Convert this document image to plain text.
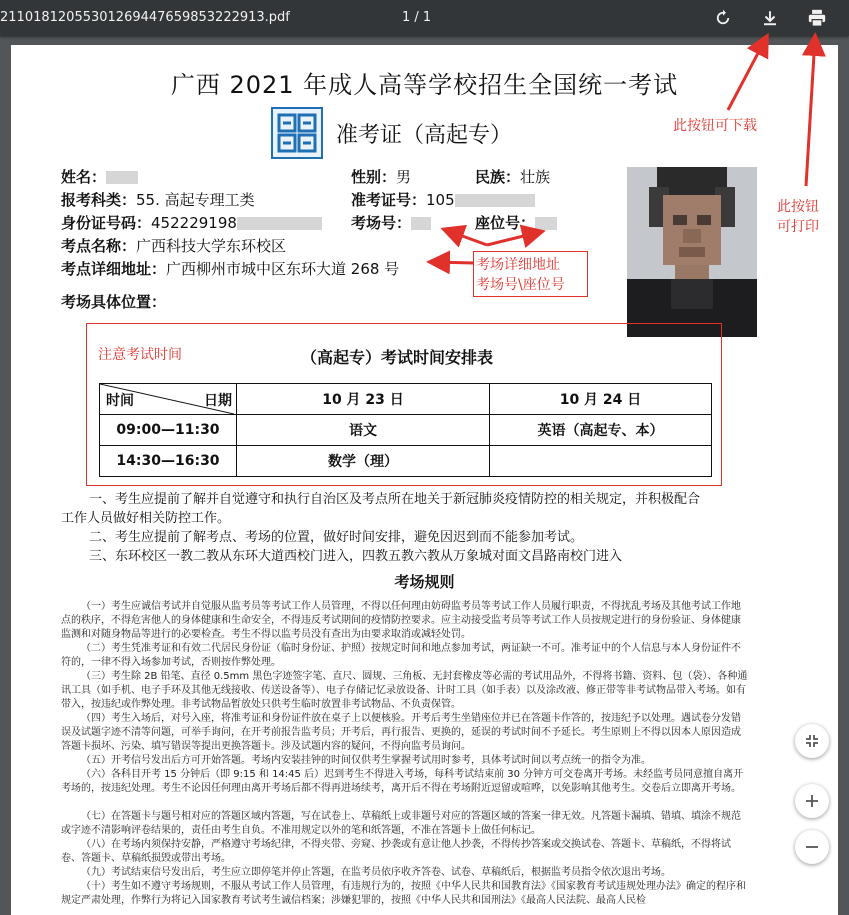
21101812055301269447659853222913.pdf	1 / 1
广西 2021 年成人高等学校招生全国统一考试
准考证（高起专）
姓名：	性别：男	民族：壮族
报考科类：55. 高起专理工类	准考证号：105
身份证号码：452229198	考场号：	座位号：
考点名称：广西科技大学东环校区
考点详细地址：广西柳州市城中区东环大道 268 号
考场具体位置：
注意考试时间	（高起专）考试时间安排表
时间 日期	10 月 23 日	10 月 24 日
09:00—11:30	语文	英语（高起专、本）
14:30—16:30	数学（理）	
一、考生应提前了解并自觉遵守和执行自治区及考点所在地关于新冠肺炎疫情防控的相关规定，并积极配合
工作人员做好相关防控工作。
二、考生应提前了解考点、考场的位置，做好时间安排，避免因迟到而不能参加考试。
三、东环校区一教二教从东环大道西校门进入，四教五教六教从万象城对面文昌路南校门进入
考场规则
（一）考生应诚信考试并自觉服从监考员等考试工作人员管理，不得以任何理由妨碍监考员等考试工作人员履行职责，不得扰乱考场及其他考试工作地点的秩序，不得危害他人的身体健康和生命安全，不得违反考试期间的疫情防控要求。应主动接受监考员等考试工作人员按规定进行的身份验证、身体健康监测和对随身物品等进行的必要检查。考生不得以监考员没有查出为由要求取消或减轻处罚。
（二）考生凭准考证和有效二代居民身份证（临时身份证、护照）按规定时间和地点参加考试，两证缺一不可。准考证中的个人信息与本人身份证件不符的，一律不得入场参加考试，否则按作弊处理。
（三）考生除 2B 铅笔、直径 0.5mm 黑色字迹签字笔、直尺、圆规、三角板、无封套橡皮等必需的考试用品外，不得将书籍、资料、包（袋）、各种通讯工具（如手机、电子手环及其他无线接收、传送设备等）、电子存储记忆录放设备、计时工具（如手表）以及涂改液、修正带等非考试物品带入考场。如有带入，按违纪或作弊处理。非考试物品暂放处只供考生临时放置非考试物品、不负责保管。
（四）考生入场后，对号入座，将准考证和身份证件放在桌子上以便核验。开考后考生坐错座位并已在答题卡作答的，按违纪予以处理。遇试卷分发错误及试题字迹不清等问题，可举手询问，在开考前报告监考员；开考后，再行报告、更换的，延误的考试时间不予延长。考生原则上不得以因本人原因造成答题卡损坏、污染、填写错误等提出更换答题卡。涉及试题内容的疑问，不得向监考员询问。
（五）开考信号发出后方可开始答题。考场内安装挂钟的时间仅供考生掌握考试用时参考，具体考试时间以考点统一的指令为准。
（六）各科目开考 15 分钟后（即 9:15 和 14:45 后）迟到考生不得进入考场，每科考试结束前 30 分钟方可交卷离开考场。未经监考员同意擅自离开考场的，按违纪处理。考生不论因任何理由离开考场后都不得再进场续考，离开后不得在考场附近逗留或喧哗，以免影响其他考生。交卷后立即离开考场。
（七）在答题卡与题号相对应的答题区域内答题，写在试卷上、草稿纸上或非题号对应的答题区域的答案一律无效。凡答题卡漏填、错填、填涂不规范或字迹不清影响评卷结果的，责任由考生自负。不准用规定以外的笔和纸答题，不准在答题卡上做任何标记。
（八）在考场内须保持安静，严格遵守考场纪律，不得夹带、旁窥、抄袭或有意让他人抄袭，不得传抄答案或交换试卷、答题卡、草稿纸，不得将试卷、答题卡、草稿纸损毁或带出考场。
（九）考试结束信号发出后，考生应立即停笔并停止答题，在监考员依序收齐答卷、试卷、草稿纸后，根据监考员指令依次退出考场。
（十）考生如不遵守考场规则，不服从考试工作人员管理，有违规行为的，按照《中华人民共和国教育法》《国家教育考试违规处理办法》确定的程序和规定严肃处理，作弊行为将记入国家教育考试考生诚信档案；涉嫌犯罪的，按照《中华人民共和国刑法》《最高人民法院、最高人民检
考场详细地址
考场号\座位号
此按钮可下载
此按钮
可打印
